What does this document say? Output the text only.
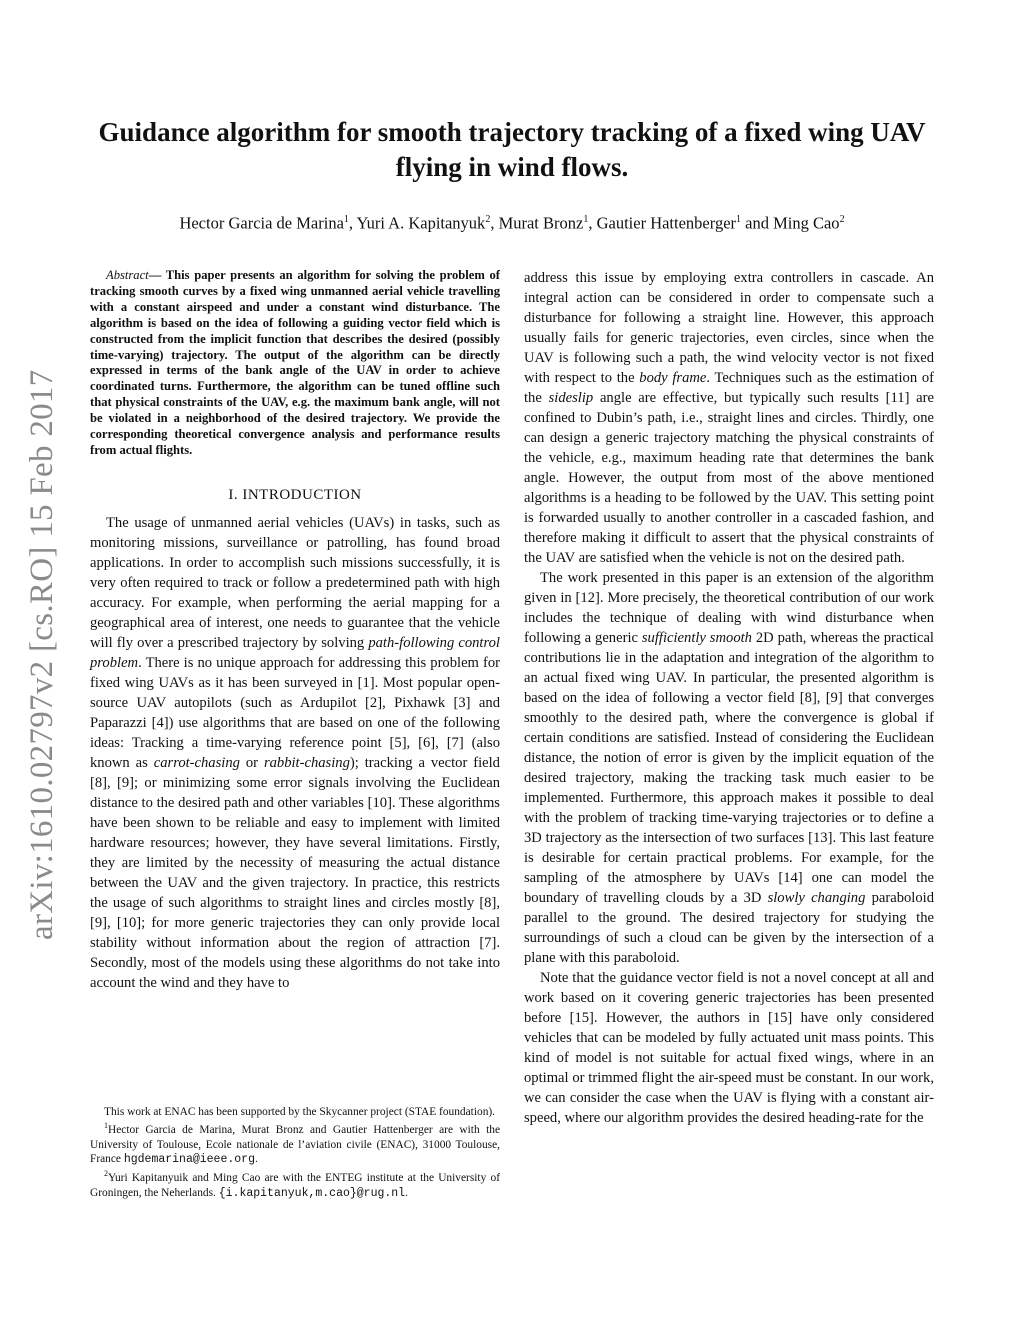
arXiv:1610.02797v2 [cs.RO] 15 Feb 2017
Guidance algorithm for smooth trajectory tracking of a fixed wing UAV
flying in wind flows.
Hector Garcia de Marina$^1$, Yuri A. Kapitanyuk$^2$, Murat Bronz$^1$, Gautier Hattenberger$^1$ and Ming Cao$^2$

Abstract— This paper presents an algorithm for solving the problem of tracking smooth curves by a fixed wing unmanned aerial vehicle travelling with a constant airspeed and under a constant wind disturbance. The algorithm is based on the idea of following a guiding vector field which is constructed from the implicit function that describes the desired (possibly time-varying) trajectory. The output of the algorithm can be directly expressed in terms of the bank angle of the UAV in order to achieve coordinated turns. Furthermore, the algorithm can be tuned offline such that physical constraints of the UAV, e.g. the maximum bank angle, will not be violated in a neighborhood of the desired trajectory. We provide the corresponding theoretical convergence analysis and performance results from actual flights.

I. INTRODUCTION

The usage of unmanned aerial vehicles (UAVs) in tasks, such as monitoring missions, surveillance or patrolling, has found broad applications. In order to accomplish such missions successfully, it is very often required to track or follow a predetermined path with high accuracy. For example, when performing the aerial mapping for a geographical area of interest, one needs to guarantee that the vehicle will fly over a prescribed trajectory by solving path-following control problem. There is no unique approach for addressing this problem for fixed wing UAVs as it has been surveyed in [1]. Most popular open-source UAV autopilots (such as Ardupilot [2], Pixhawk [3] and Paparazzi [4]) use algorithms that are based on one of the following ideas: Tracking a time-varying reference point [5], [6], [7] (also known as carrot-chasing or rabbit-chasing); tracking a vector field [8], [9]; or minimizing some error signals involving the Euclidean distance to the desired path and other variables [10]. These algorithms have been shown to be reliable and easy to implement with limited hardware resources; however, they have several limitations. Firstly, they are limited by the necessity of measuring the actual distance between the UAV and the given trajectory. In practice, this restricts the usage of such algorithms to straight lines and circles mostly [8], [9], [10]; for more generic trajectories they can only provide local stability without information about the region of attraction [7]. Secondly, most of the models using these algorithms do not take into account the wind and they have to

This work at ENAC has been supported by the Skycanner project (STAE foundation).

$^1$Hector Garcia de Marina, Murat Bronz and Gautier Hattenberger are with the University of Toulouse, Ecole nationale de l’aviation civile (ENAC), 31000 Toulouse, France hgdemarina@ieee.org.

$^2$Yuri Kapitanyuik and Ming Cao are with the ENTEG institute at the University of Groningen, the Neherlands. {i.kapitanyuk,m.cao}@rug.nl.

address this issue by employing extra controllers in cascade. An integral action can be considered in order to compensate such a disturbance for following a straight line. However, this approach usually fails for generic trajectories, even circles, since when the UAV is following such a path, the wind velocity vector is not fixed with respect to the body frame. Techniques such as the estimation of the sideslip angle are effective, but typically such results [11] are confined to Dubin’s path, i.e., straight lines and circles. Thirdly, one can design a generic trajectory matching the physical constraints of the vehicle, e.g., maximum heading rate that determines the bank angle. However, the output from most of the above mentioned algorithms is a heading to be followed by the UAV. This setting point is forwarded usually to another controller in a cascaded fashion, and therefore making it difficult to assert that the physical constraints of the UAV are satisfied when the vehicle is not on the desired path.

The work presented in this paper is an extension of the algorithm given in [12]. More precisely, the theoretical contribution of our work includes the technique of dealing with wind disturbance when following a generic sufficiently smooth 2D path, whereas the practical contributions lie in the adaptation and integration of the algorithm to an actual fixed wing UAV. In particular, the presented algorithm is based on the idea of following a vector field [8], [9] that converges smoothly to the desired path, where the convergence is global if certain conditions are satisfied. Instead of considering the Euclidean distance, the notion of error is given by the implicit equation of the desired trajectory, making the tracking task much easier to be implemented. Furthermore, this approach makes it possible to deal with the problem of tracking time-varying trajectories or to define a 3D trajectory as the intersection of two surfaces [13]. This last feature is desirable for certain practical problems. For example, for the sampling of the atmosphere by UAVs [14] one can model the boundary of travelling clouds by a 3D slowly changing paraboloid parallel to the ground. The desired trajectory for studying the surroundings of such a cloud can be given by the intersection of a plane with this paraboloid.

Note that the guidance vector field is not a novel concept at all and work based on it covering generic trajectories has been presented before [15]. However, the authors in [15] have only considered vehicles that can be modeled by fully actuated unit mass points. This kind of model is not suitable for actual fixed wings, where in an optimal or trimmed flight the air-speed must be constant. In our work, we can consider the case when the UAV is flying with a constant air-speed, where our algorithm provides the desired heading-rate for the
